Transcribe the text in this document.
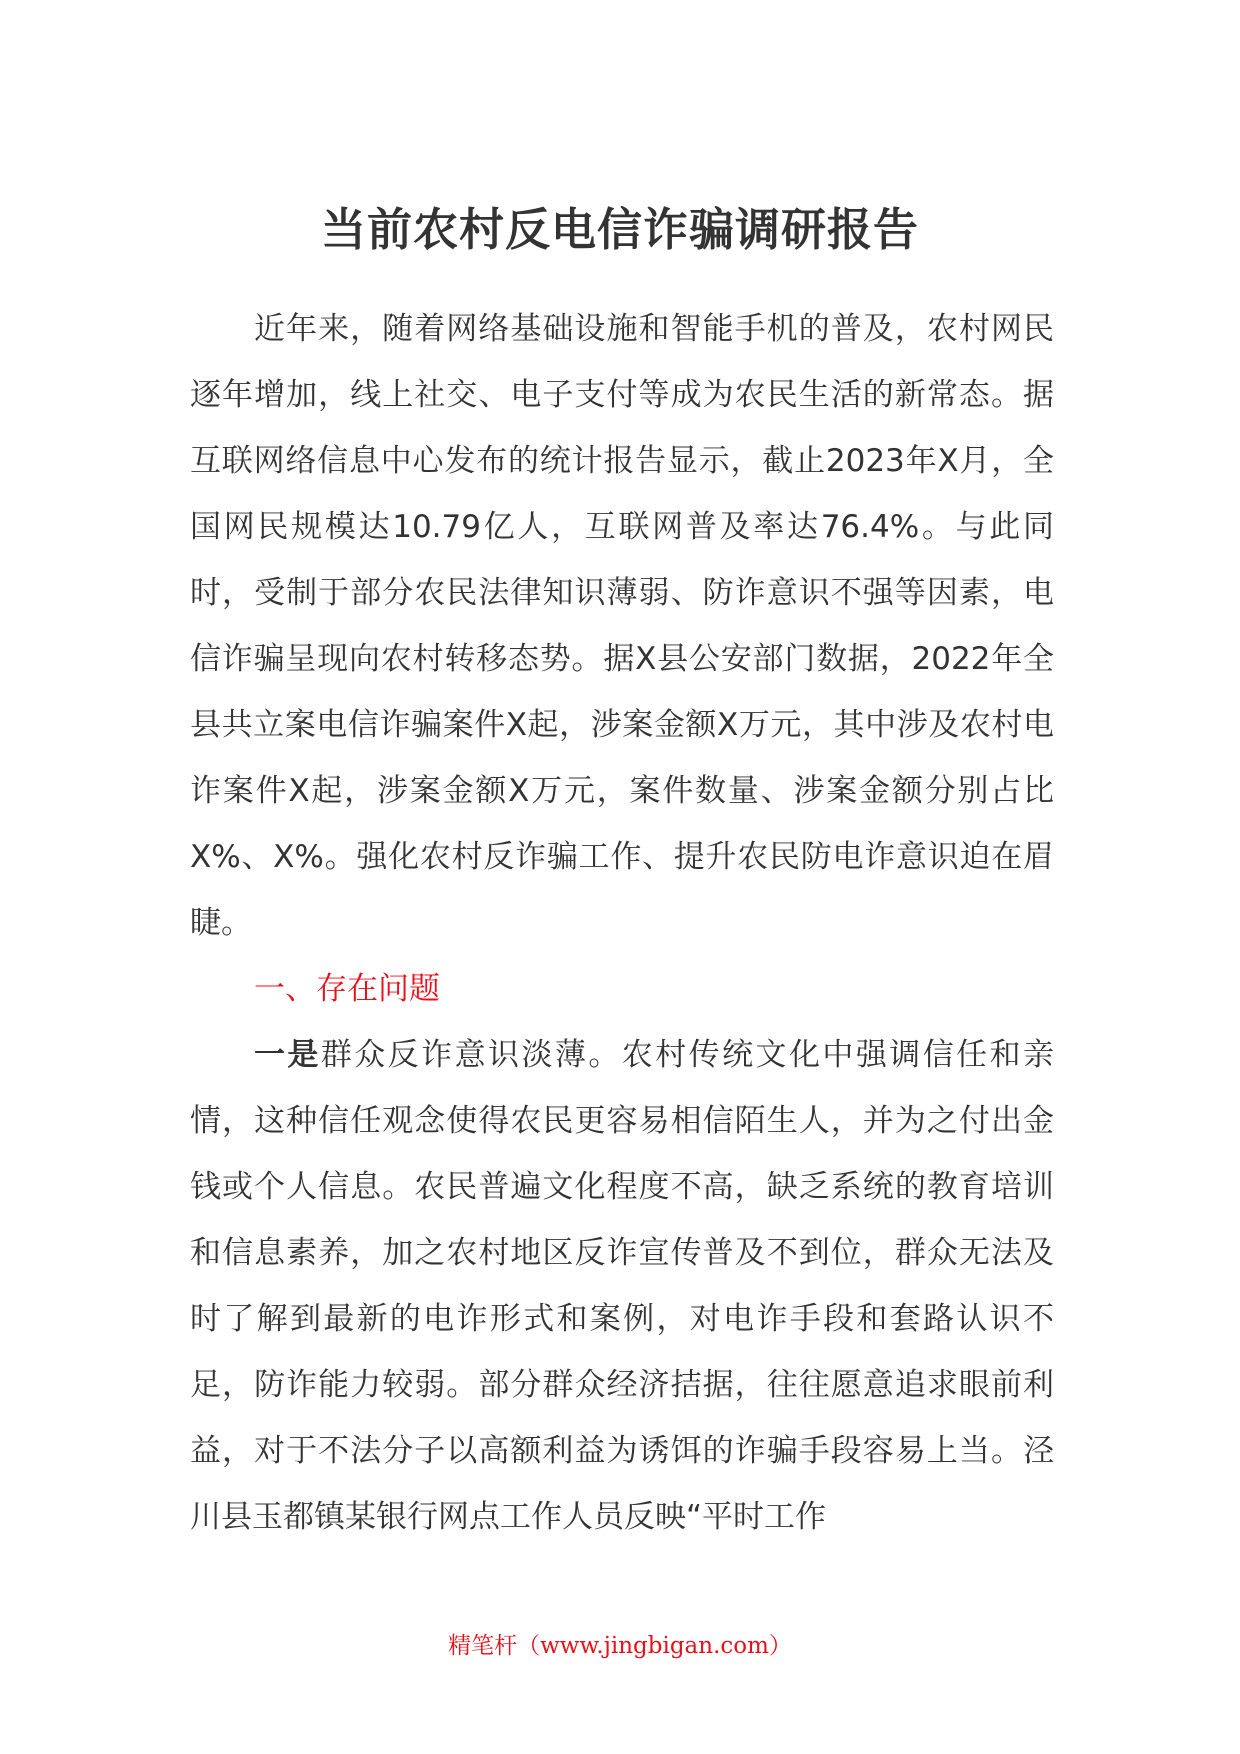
当前农村反电信诈骗调研报告

近年来，随着网络基础设施和智能手机的普及，农村网民逐年增加，线上社交、电子支付等成为农民生活的新常态。据互联网络信息中心发布的统计报告显示，截止2023年X月，全国网民规模达10.79亿人，互联网普及率达76.4%。与此同时，受制于部分农民法律知识薄弱、防诈意识不强等因素，电信诈骗呈现向农村转移态势。据X县公安部门数据，2022年全县共立案电信诈骗案件X起，涉案金额X万元，其中涉及农村电诈案件X起，涉案金额X万元，案件数量、涉案金额分别占比X%、X%。强化农村反诈骗工作、提升农民防电诈意识迫在眉睫。

一、存在问题

一是群众反诈意识淡薄。农村传统文化中强调信任和亲情，这种信任观念使得农民更容易相信陌生人，并为之付出金钱或个人信息。农民普遍文化程度不高，缺乏系统的教育培训和信息素养，加之农村地区反诈宣传普及不到位，群众无法及时了解到最新的电诈形式和案例，对电诈手段和套路认识不足，防诈能力较弱。部分群众经济拮据，往往愿意追求眼前利益，对于不法分子以高额利益为诱饵的诈骗手段容易上当。泾川县玉都镇某银行网点工作人员反映“平时工作

精笔杆（www.jingbigan.com）
